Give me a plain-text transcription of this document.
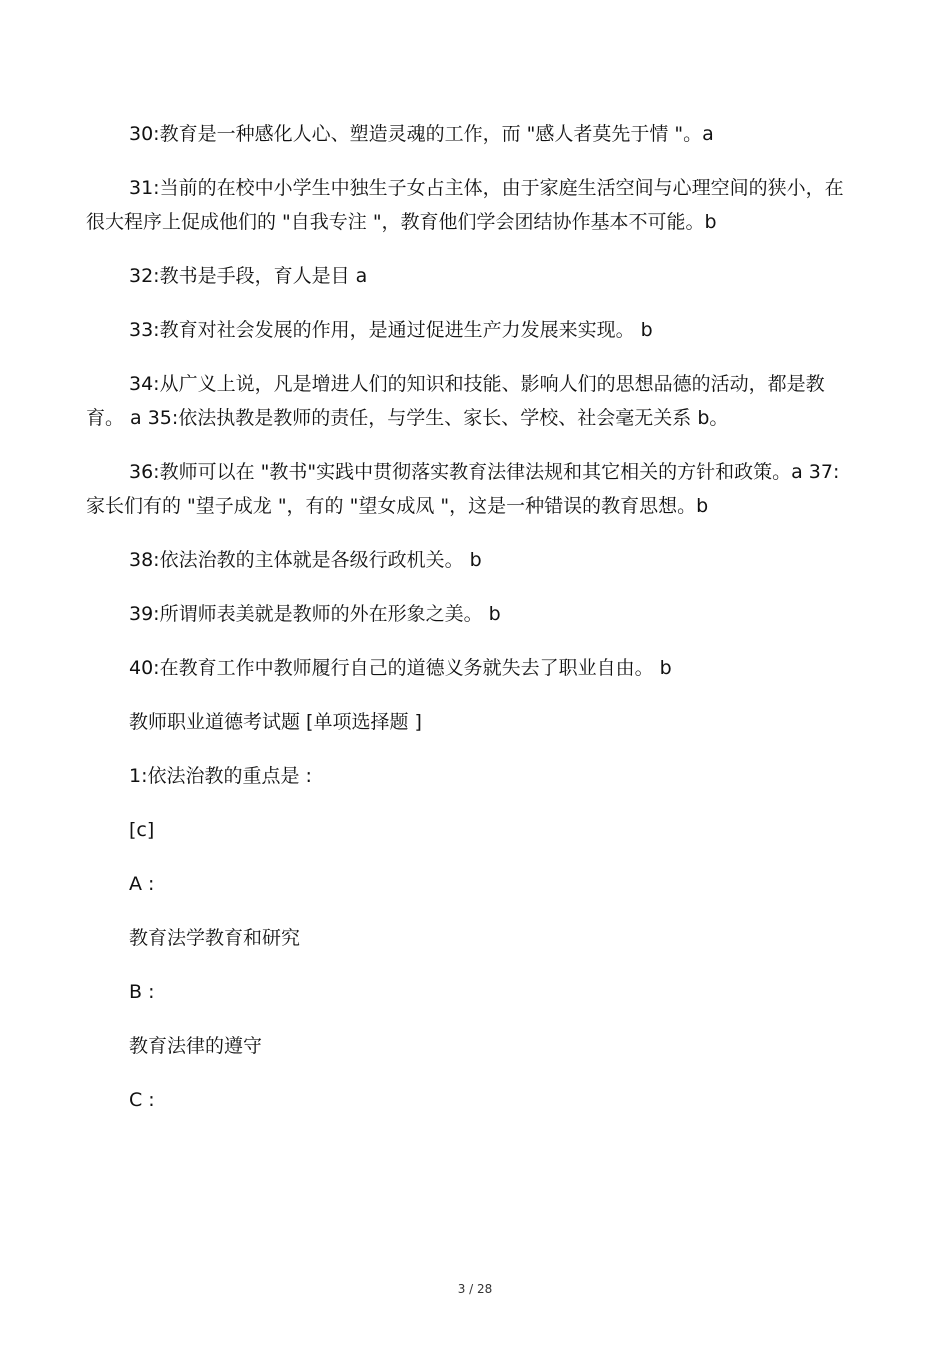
30:教育是一种感化人心、塑造灵魂的工作，而 "感人者莫先于情 "。a

31:当前的在校中小学生中独生子女占主体，由于家庭生活空间与心理空间的狭小，在很大程序上促成他们的 "自我专注 "，教育他们学会团结协作基本不可能。b

32:教书是手段，育人是目 a

33:教育对社会发展的作用，是通过促进生产力发展来实现。 b

34:从广义上说，凡是增进人们的知识和技能、影响人们的思想品德的活动，都是教育。 a 35:依法执教是教师的责任，与学生、家长、学校、社会毫无关系 b。

36:教师可以在 "教书"实践中贯彻落实教育法律法规和其它相关的方针和政策。a 37:家长们有的 "望子成龙 "，有的 "望女成凤 "，这是一种错误的教育思想。b

38:依法治教的主体就是各级行政机关。 b

39:所谓师表美就是教师的外在形象之美。 b

40:在教育工作中教师履行自己的道德义务就失去了职业自由。 b

教师职业道德考试题 [单项选择题 ]

1:依法治教的重点是 :

[c]

A :

教育法学教育和研究

B :

教育法律的遵守

C :

3 / 28
